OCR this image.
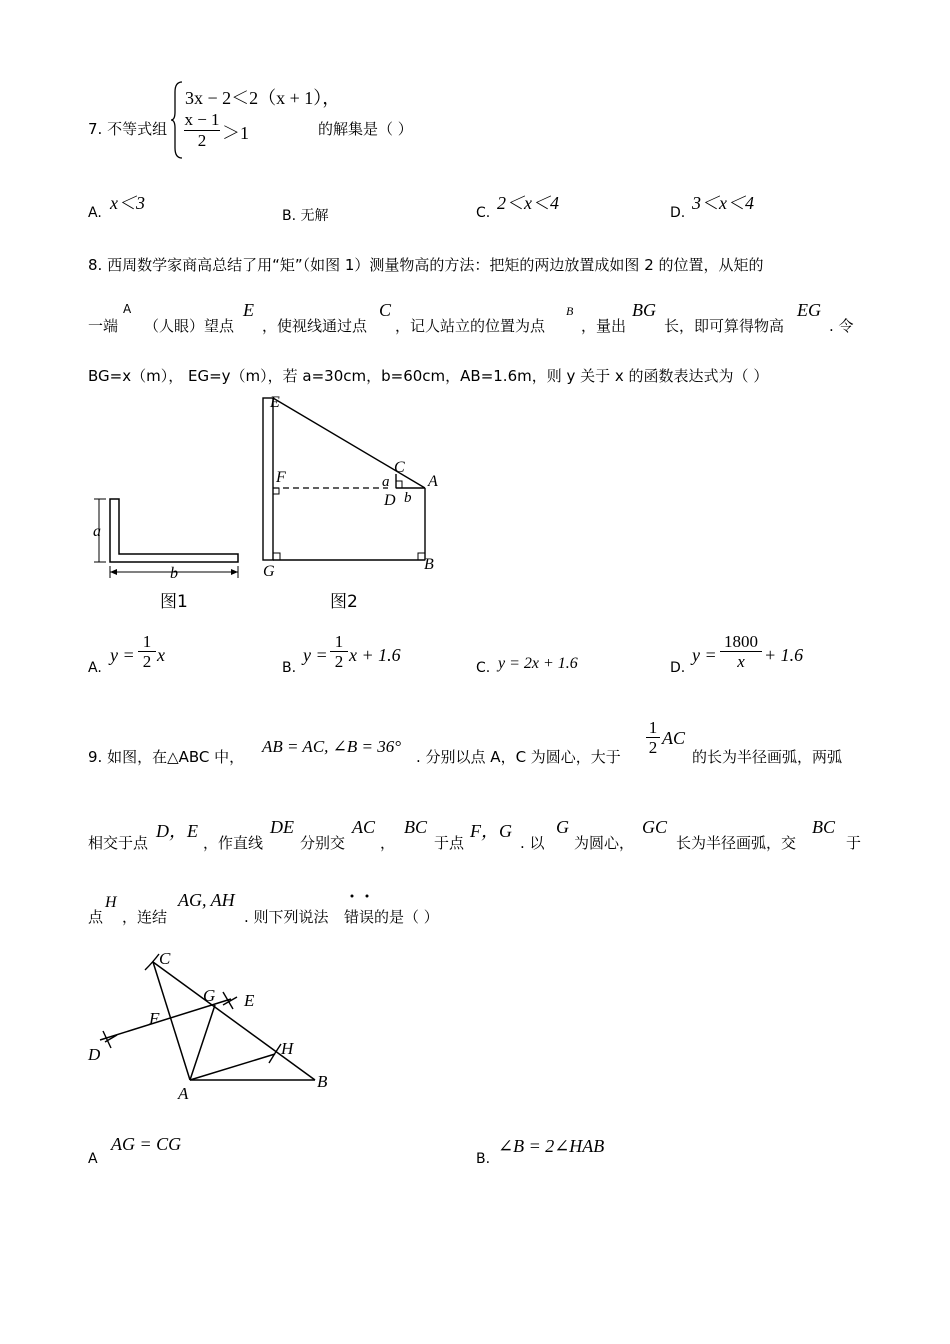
7. 不等式组
3x − 2＜2（x + 1），
x − 1
2 ＞1	的解集是（ ）
A. x＜3
B. 无解	C. 2＜x＜4	D. 3＜x＜4
8. 西周数学家商高总结了用“矩”（如图 1）测量物高的方法：把矩的两边放置成如图 2 的位置，从矩的
一端
A
（人眼）望点
E
，使视线通过点
C
，记人站立的位置为点
B
，量出
BG
长，即可算得物高
EG
. 令
BG=x（m）， EG=y（m），若 a=30cm，b=60cm，AB=1.6m，则 y 关于 x 的函数表达式为（ ）
a
b
图1
E
F
G
C
a
D b
A
B
图2
A.
y =
1
2 x
B.
y =
1
2 x + 1.6
C. y = 2x + 1.6	D.
y =
1800
x	+ 1.6
9. 如图，在△ABC 中，
AB = AC, ∠B = 36°
. 分别以点 A，C 为圆心，大于
1
2 AC
的长为半径画弧，两弧
相交于点
D，E
，作直线
DE
分别交
AC
，
BC
于点
F，G
. 以
G
为圆心，
GC
长为半径画弧，交
BC
于
点
H
，连结
AG, AH
. 则下列说法 错误 的是（ ）
C
G E
F
D	H
A
B
A
AG = CG
B.
∠B = 2∠HAB
